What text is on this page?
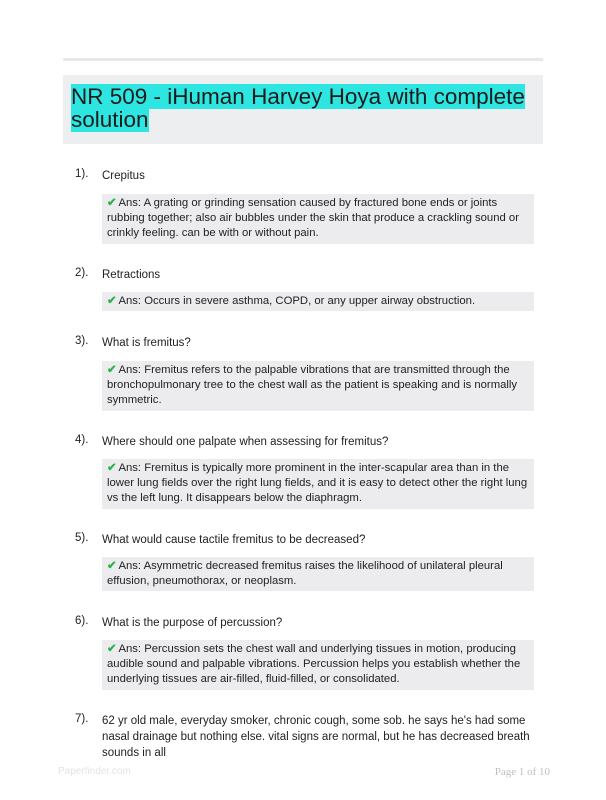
NR 509 - iHuman Harvey Hoya with complete solution
1). Crepitus
✔ Ans: A grating or grinding sensation caused by fractured bone ends or joints rubbing together; also air bubbles under the skin that produce a crackling sound or crinkly feeling. can be with or without pain.
2). Retractions
✔ Ans: Occurs in severe asthma, COPD, or any upper airway obstruction.
3). What is fremitus?
✔ Ans: Fremitus refers to the palpable vibrations that are transmitted through the bronchopulmonary tree to the chest wall as the patient is speaking and is normally symmetric.
4). Where should one palpate when assessing for fremitus?
✔ Ans: Fremitus is typically more prominent in the inter-scapular area than in the lower lung fields over the right lung fields, and it is easy to detect other the right lung vs the left lung. It disappears below the diaphragm.
5). What would cause tactile fremitus to be decreased?
✔ Ans: Asymmetric decreased fremitus raises the likelihood of unilateral pleural effusion, pneumothorax, or neoplasm.
6). What is the purpose of percussion?
✔ Ans: Percussion sets the chest wall and underlying tissues in motion, producing audible sound and palpable vibrations. Percussion helps you establish whether the underlying tissues are air-filled, fluid-filled, or consolidated.
7). 62 yr old male, everyday smoker, chronic cough, some sob. he says he's had some nasal drainage but nothing else. vital signs are normal, but he has decreased breath sounds in all
Paperfinder.com	Page 1 of 10
